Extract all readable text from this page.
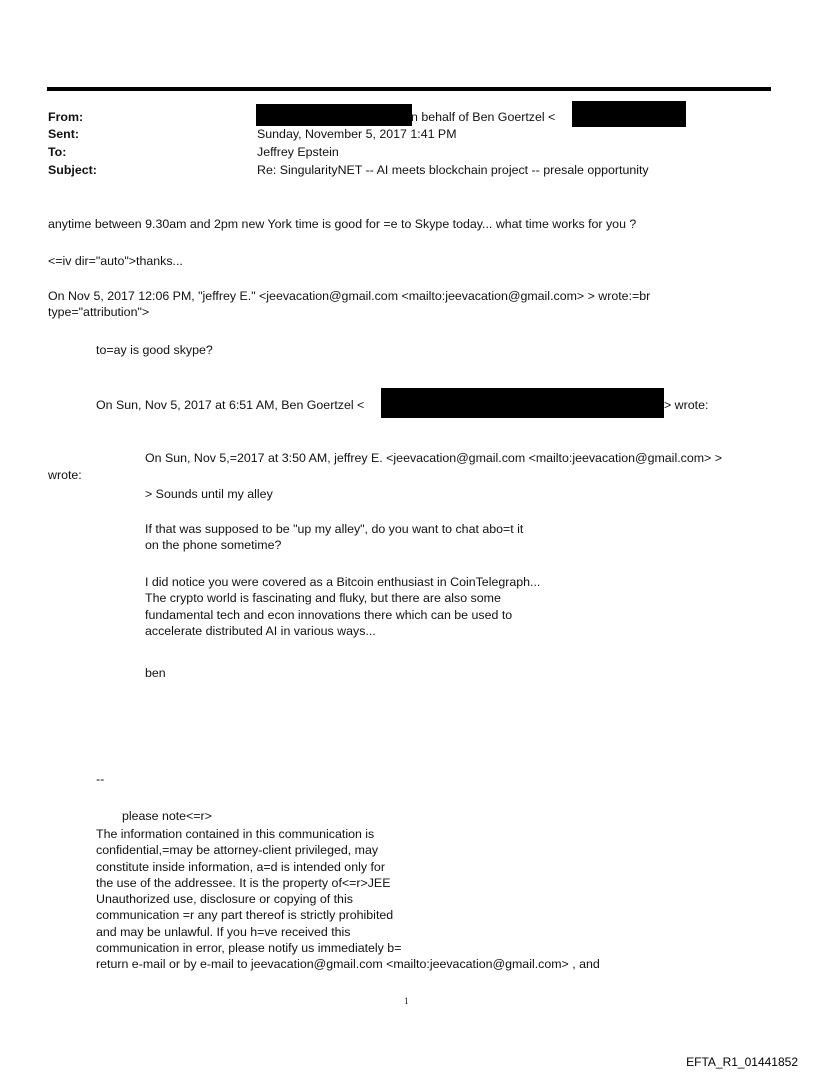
From:	n behalf of Ben Goertzel <
Sent:	Sunday, November 5, 2017 1:41 PM
To:	Jeffrey Epstein
Subject:	Re: SingularityNET -- AI meets blockchain project -- presale opportunity
anytime between 9.30am and 2pm new York time is good for =e to Skype today... what time works for you ?
<=iv dir="auto">thanks...
On Nov 5, 2017 12:06 PM, "jeffrey E." <jeevacation@gmail.com <mailto:jeevacation@gmail.com> > wrote:=br
type="attribution">
to=ay is good skype?
On Sun, Nov 5, 2017 at 6:51 AM, Ben Goertzel <	> wrote:
On Sun, Nov 5,=2017 at 3:50 AM, jeffrey E. <jeevacation@gmail.com <mailto:jeevacation@gmail.com> >
wrote:
> Sounds until my alley
If that was supposed to be "up my alley", do you want to chat abo=t it
on the phone sometime?
I did notice you were covered as a Bitcoin enthusiast in CoinTelegraph...
The crypto world is fascinating and fluky, but there are also some
fundamental tech and econ innovations there which can be used to
accelerate distributed AI in various ways...
ben
--
please note<=r>
The information contained in this communication is
confidential,=may be attorney-client privileged, may
constitute inside information, a=d is intended only for
the use of the addressee. It is the property of<=r>JEE
Unauthorized use, disclosure or copying of this
communication =r any part thereof is strictly prohibited
and may be unlawful. If you h=ve received this
communication in error, please notify us immediately b=
return e-mail or by e-mail to jeevacation@gmail.com <mailto:jeevacation@gmail.com> , and
1
EFTA_R1_01441852
